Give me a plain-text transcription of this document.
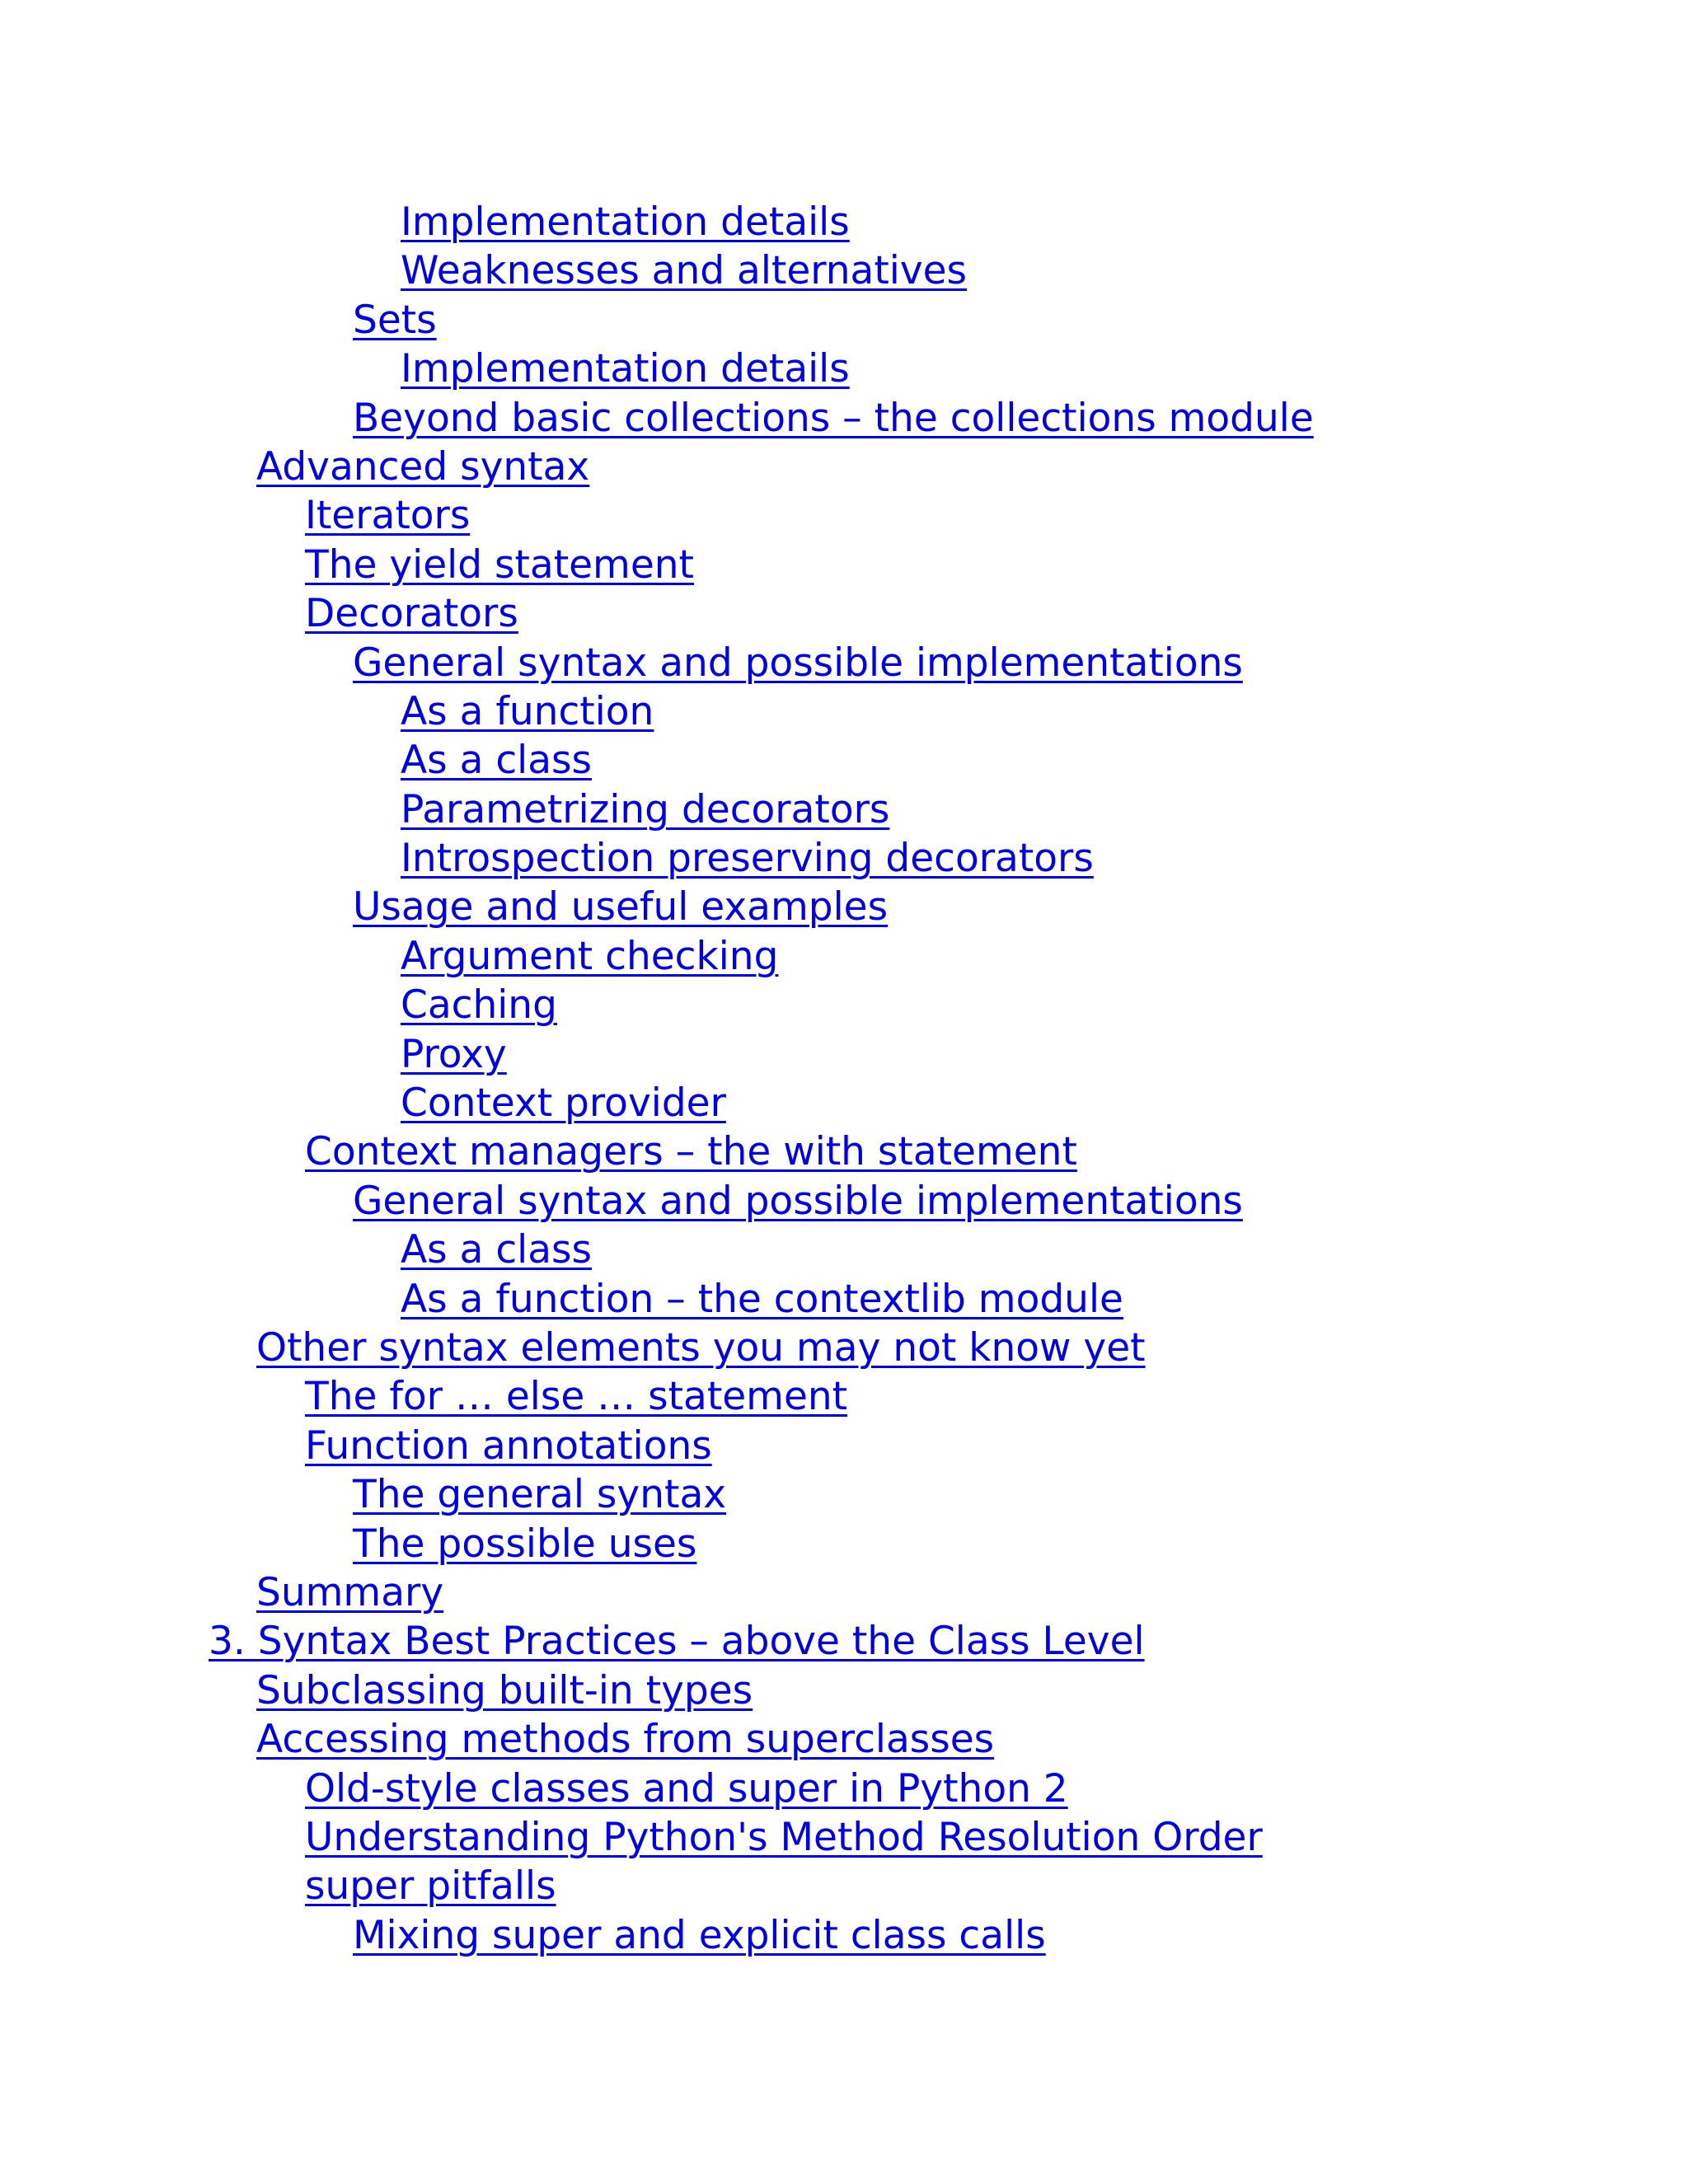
Implementation details
Weaknesses and alternatives
Sets
Implementation details
Beyond basic collections – the collections module
Advanced syntax
Iterators
The yield statement
Decorators
General syntax and possible implementations
As a function
As a class
Parametrizing decorators
Introspection preserving decorators
Usage and useful examples
Argument checking
Caching
Proxy
Context provider
Context managers – the with statement
General syntax and possible implementations
As a class
As a function – the contextlib module
Other syntax elements you may not know yet
The for … else … statement
Function annotations
The general syntax
The possible uses
Summary
3. Syntax Best Practices – above the Class Level
Subclassing built-in types
Accessing methods from superclasses
Old-style classes and super in Python 2
Understanding Python's Method Resolution Order
super pitfalls
Mixing super and explicit class calls
